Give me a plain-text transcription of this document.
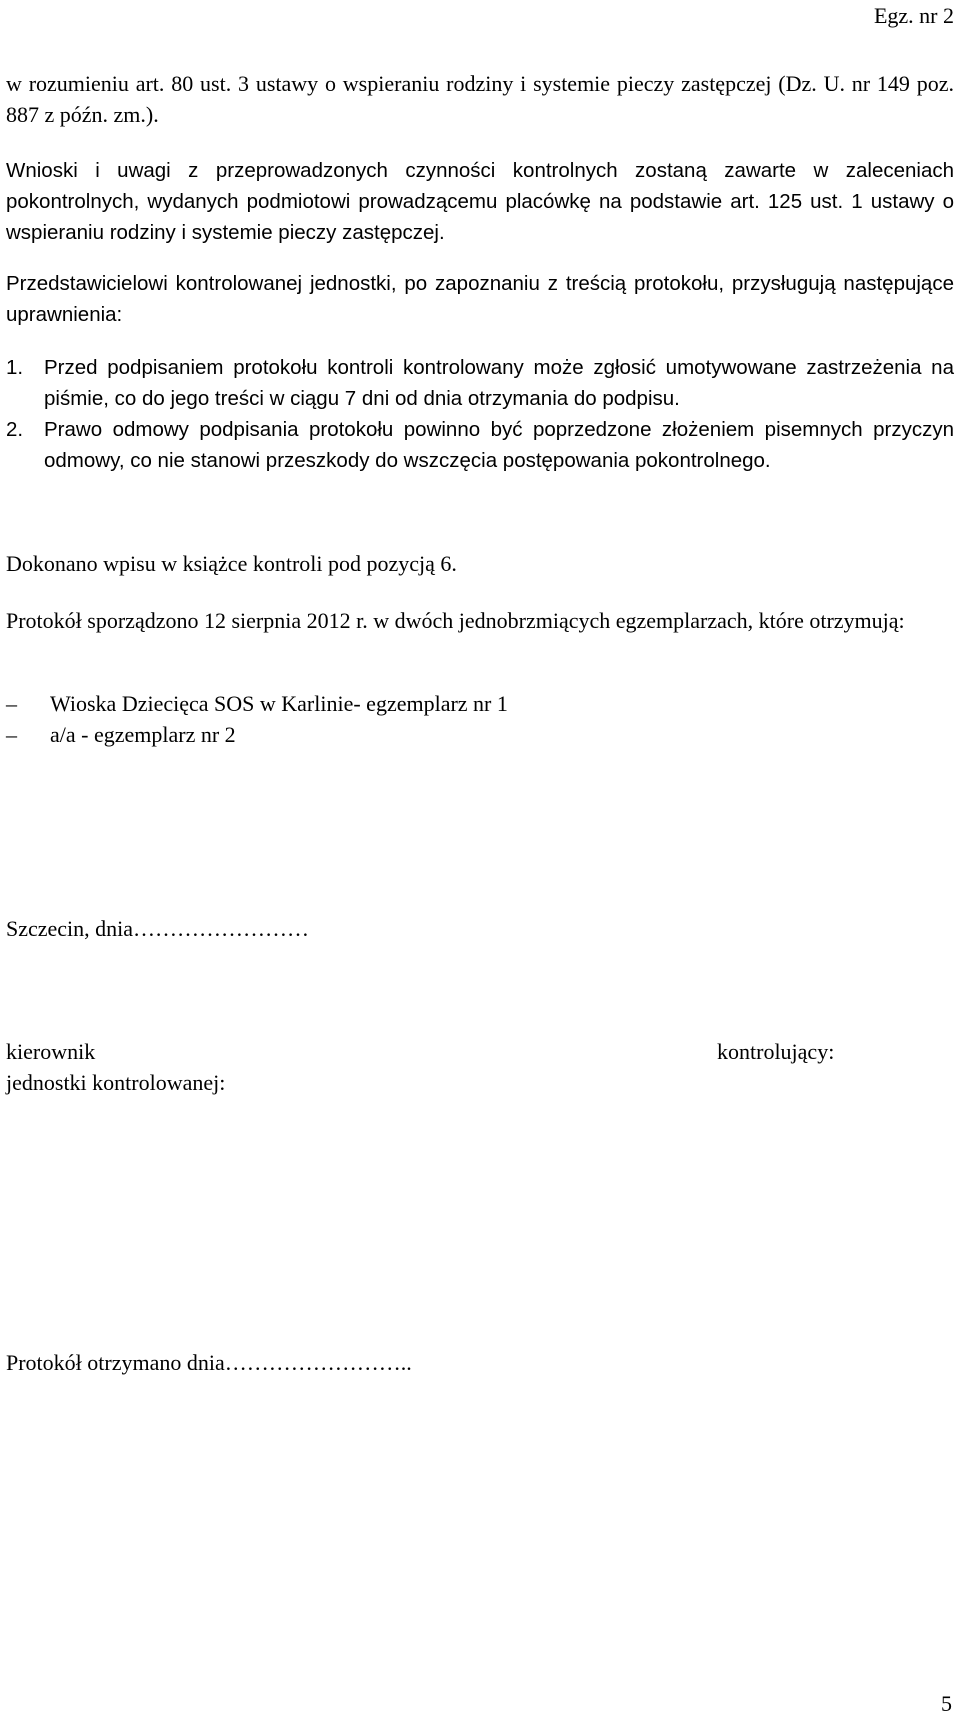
Egz. nr 2

w rozumieniu art. 80 ust. 3 ustawy o wspieraniu rodziny i systemie pieczy zastępczej (Dz. U. nr 149 poz. 887 z późn. zm.).

Wnioski i uwagi z przeprowadzonych czynności kontrolnych zostaną zawarte w zaleceniach pokontrolnych, wydanych podmiotowi prowadzącemu placówkę na podstawie art. 125 ust. 1 ustawy o wspieraniu rodziny i systemie pieczy zastępczej.

Przedstawicielowi kontrolowanej jednostki, po zapoznaniu z treścią protokołu, przysługują następujące uprawnienia:

1. Przed podpisaniem protokołu kontroli kontrolowany może zgłosić umotywowane zastrzeżenia na piśmie, co do jego treści w ciągu 7 dni od dnia otrzymania do podpisu.
2. Prawo odmowy podpisania protokołu powinno być poprzedzone złożeniem pisemnych przyczyn odmowy, co nie stanowi przeszkody do wszczęcia postępowania pokontrolnego.

Dokonano wpisu w książce kontroli pod pozycją 6.

Protokół sporządzono 12 sierpnia 2012 r. w dwóch jednobrzmiących egzemplarzach, które otrzymują:

– Wioska Dziecięca SOS w Karlinie- egzemplarz nr 1
– a/a - egzemplarz nr 2

Szczecin, dnia……………………

kierownik
jednostki kontrolowanej:
kontrolujący:

Protokół otrzymano dnia……………………..

5
